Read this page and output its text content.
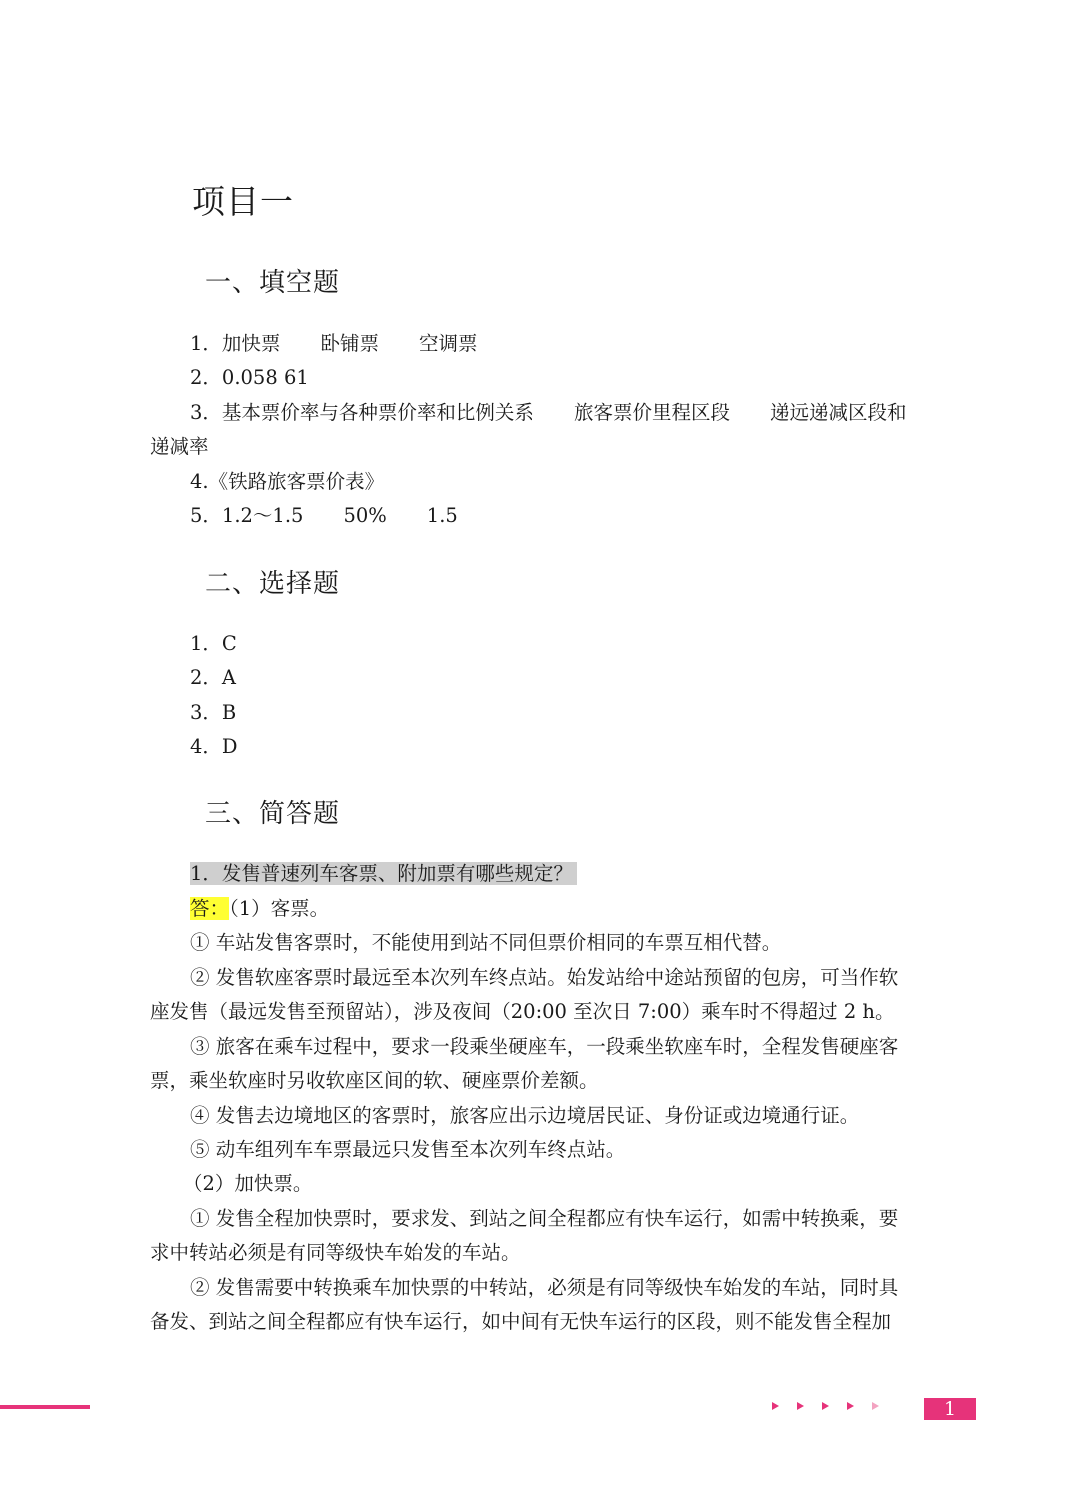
项目一
一、填空题
1．加快票 卧铺票 空调票
2．0.058 61
3．基本票价率与各种票价率和比例关系 旅客票价里程区段 递远递减区段和
递减率
4.《铁路旅客票价表》
5．1.2～1.5 50% 1.5
二、选择题
1．C
2．A
3．B
4．D
三、简答题
1．发售普速列车客票、附加票有哪些规定？
答：（1）客票。
① 车站发售客票时，不能使用到站不同但票价相同的车票互相代替。
② 发售软座客票时最远至本次列车终点站。始发站给中途站预留的包房，可当作软
座发售（最远发售至预留站），涉及夜间（20:00 至次日 7:00）乘车时不得超过 2 h。
③ 旅客在乘车过程中，要求一段乘坐硬座车，一段乘坐软座车时，全程发售硬座客
票，乘坐软座时另收软座区间的软、硬座票价差额。
④ 发售去边境地区的客票时，旅客应出示边境居民证、身份证或边境通行证。
⑤ 动车组列车车票最远只发售至本次列车终点站。
（2）加快票。
① 发售全程加快票时，要求发、到站之间全程都应有快车运行，如需中转换乘，要
求中转站必须是有同等级快车始发的车站。
② 发售需要中转换乘车加快票的中转站，必须是有同等级快车始发的车站，同时具
备发、到站之间全程都应有快车运行，如中间有无快车运行的区段，则不能发售全程加
1
